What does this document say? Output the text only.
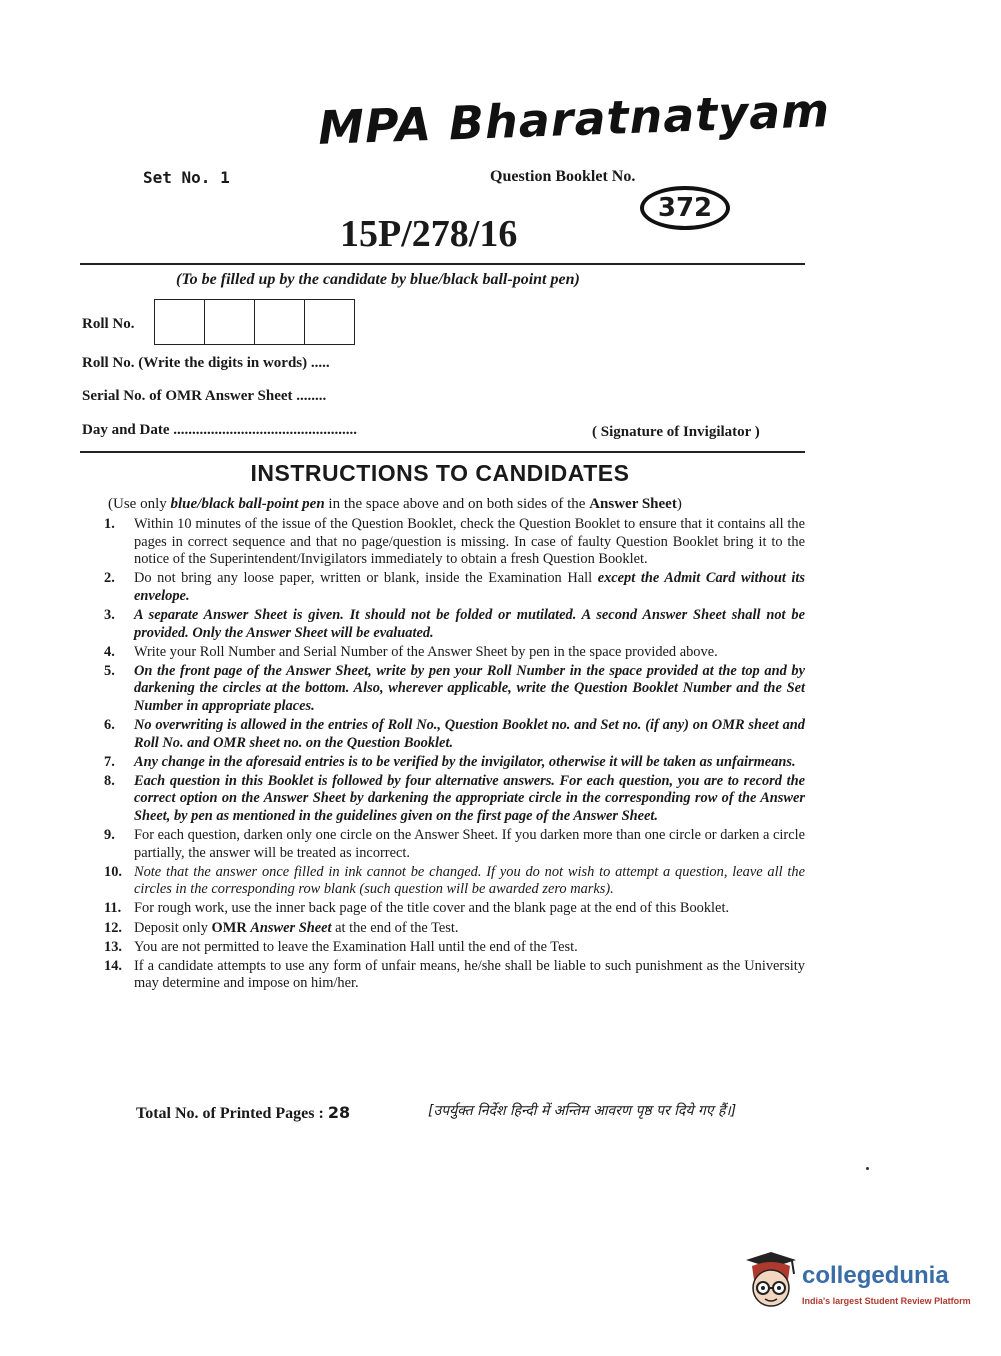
MPA Bharatnatyam
Set No. 1	Question Booklet No.
372
15P/278/16
(To be filled up by the candidate by blue/black ball-point pen)
Roll No.
Roll No. (Write the digits in words) .....
Serial No. of OMR Answer Sheet ........
Day and Date .................................................	( Signature of Invigilator )
INSTRUCTIONS TO CANDIDATES
(Use only blue/black ball-point pen in the space above and on both sides of the Answer Sheet)
1.	Within 10 minutes of the issue of the Question Booklet, check the Question Booklet to ensure that it contains all the pages in correct sequence and that no page/question is missing. In case of faulty Question Booklet bring it to the notice of the Superintendent/Invigilators immediately to obtain a fresh Question Booklet.
2.	Do not bring any loose paper, written or blank, inside the Examination Hall except the Admit Card without its envelope.
3.	A separate Answer Sheet is given. It should not be folded or mutilated. A second Answer Sheet shall not be provided. Only the Answer Sheet will be evaluated.
4.	Write your Roll Number and Serial Number of the Answer Sheet by pen in the space provided above.
5.	On the front page of the Answer Sheet, write by pen your Roll Number in the space provided at the top and by darkening the circles at the bottom. Also, wherever applicable, write the Question Booklet Number and the Set Number in appropriate places.
6.	No overwriting is allowed in the entries of Roll No., Question Booklet no. and Set no. (if any) on OMR sheet and Roll No. and OMR sheet no. on the Question Booklet.
7.	Any change in the aforesaid entries is to be verified by the invigilator, otherwise it will be taken as unfairmeans.
8.	Each question in this Booklet is followed by four alternative answers. For each question, you are to record the correct option on the Answer Sheet by darkening the appropriate circle in the corresponding row of the Answer Sheet, by pen as mentioned in the guidelines given on the first page of the Answer Sheet.
9.	For each question, darken only one circle on the Answer Sheet. If you darken more than one circle or darken a circle partially, the answer will be treated as incorrect.
10. Note that the answer once filled in ink cannot be changed. If you do not wish to attempt a question, leave all the circles in the corresponding row blank (such question will be awarded zero marks).
11. For rough work, use the inner back page of the title cover and the blank page at the end of this Booklet.
12. Deposit only OMR Answer Sheet at the end of the Test.
13. You are not permitted to leave the Examination Hall until the end of the Test.
14. If a candidate attempts to use any form of unfair means, he/she shall be liable to such punishment as the University may determine and impose on him/her.
Total No. of Printed Pages : 28	[उपर्युक्त निर्देश हिन्दी में अन्तिम आवरण पृष्ठ पर दिये गए हैं।]
collegedunia
India's largest Student Review Platform
